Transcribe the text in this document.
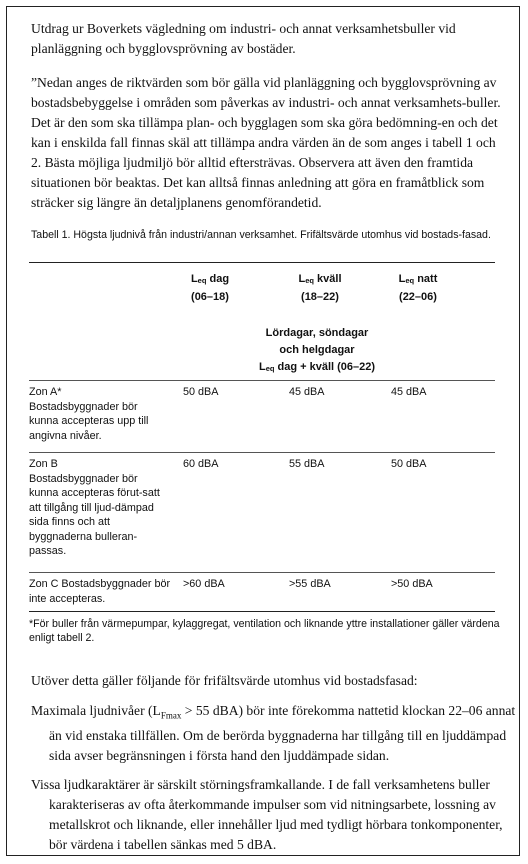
Utdrag ur Boverkets vägledning om industri- och annat verksamhetsbuller vid planläggning och bygglovsprövning av bostäder.
”Nedan anges de riktvärden som bör gälla vid planläggning och bygglovsprövning av bostadsbebyggelse i områden som påverkas av industri- och annat verksamhets-buller. Det är den som ska tillämpa plan- och bygglagen som ska göra bedömning-en och det kan i enskilda fall finnas skäl att tillämpa andra värden än de som anges i tabell 1 och 2. Bästa möjliga ljudmiljö bör alltid eftersträvas. Observera att även den framtida situationen bör beaktas. Det kan alltså finnas anledning att göra en framåtblick som sträcker sig längre än detaljplanens genomförandetid.
Tabell 1. Högsta ljudnivå från industri/annan verksamhet. Frifältsvärde utomhus vid bostads-fasad.
Leq dag
(06–18)
Leq kväll
(18–22)
Leq natt
(22–06)
Lördagar, söndagar
och helgdagar
Leq dag + kväll (06–22)
Zon A*
Bostadsbyggnader bör kunna accepteras upp till angivna nivåer.
50 dBA	45 dBA	45 dBA
Zon B
Bostadsbyggnader bör kunna accepteras förut-satt att tillgång till ljud-dämpad sida finns och att byggnaderna bulleran-passas.
60 dBA	55 dBA	50 dBA
Zon C Bostadsbyggnader bör inte accepteras.
>60 dBA	>55 dBA	>50 dBA
*För buller från värmepumpar, kylaggregat, ventilation och liknande yttre installationer gäller värdena enligt tabell 2.
Utöver detta gäller följande för frifältsvärde utomhus vid bostadsfasad:
Maximala ljudnivåer ($L_{Fmax} > 55$ dBA) bör inte förekomma nattetid klockan 22–06 annat än vid enstaka tillfällen. Om de berörda byggnaderna har tillgång till en ljuddämpad sida avser begränsningen i första hand den ljuddämpade sidan.
Vissa ljudkaraktärer är särskilt störningsframkallande. I de fall verksamhetens buller karakteriseras av ofta återkommande impulser som vid nitningsarbete, lossning av metallskrot och liknande, eller innehåller ljud med tydligt hörbara tonkomponenter, bör värdena i tabellen sänkas med 5 dBA.
